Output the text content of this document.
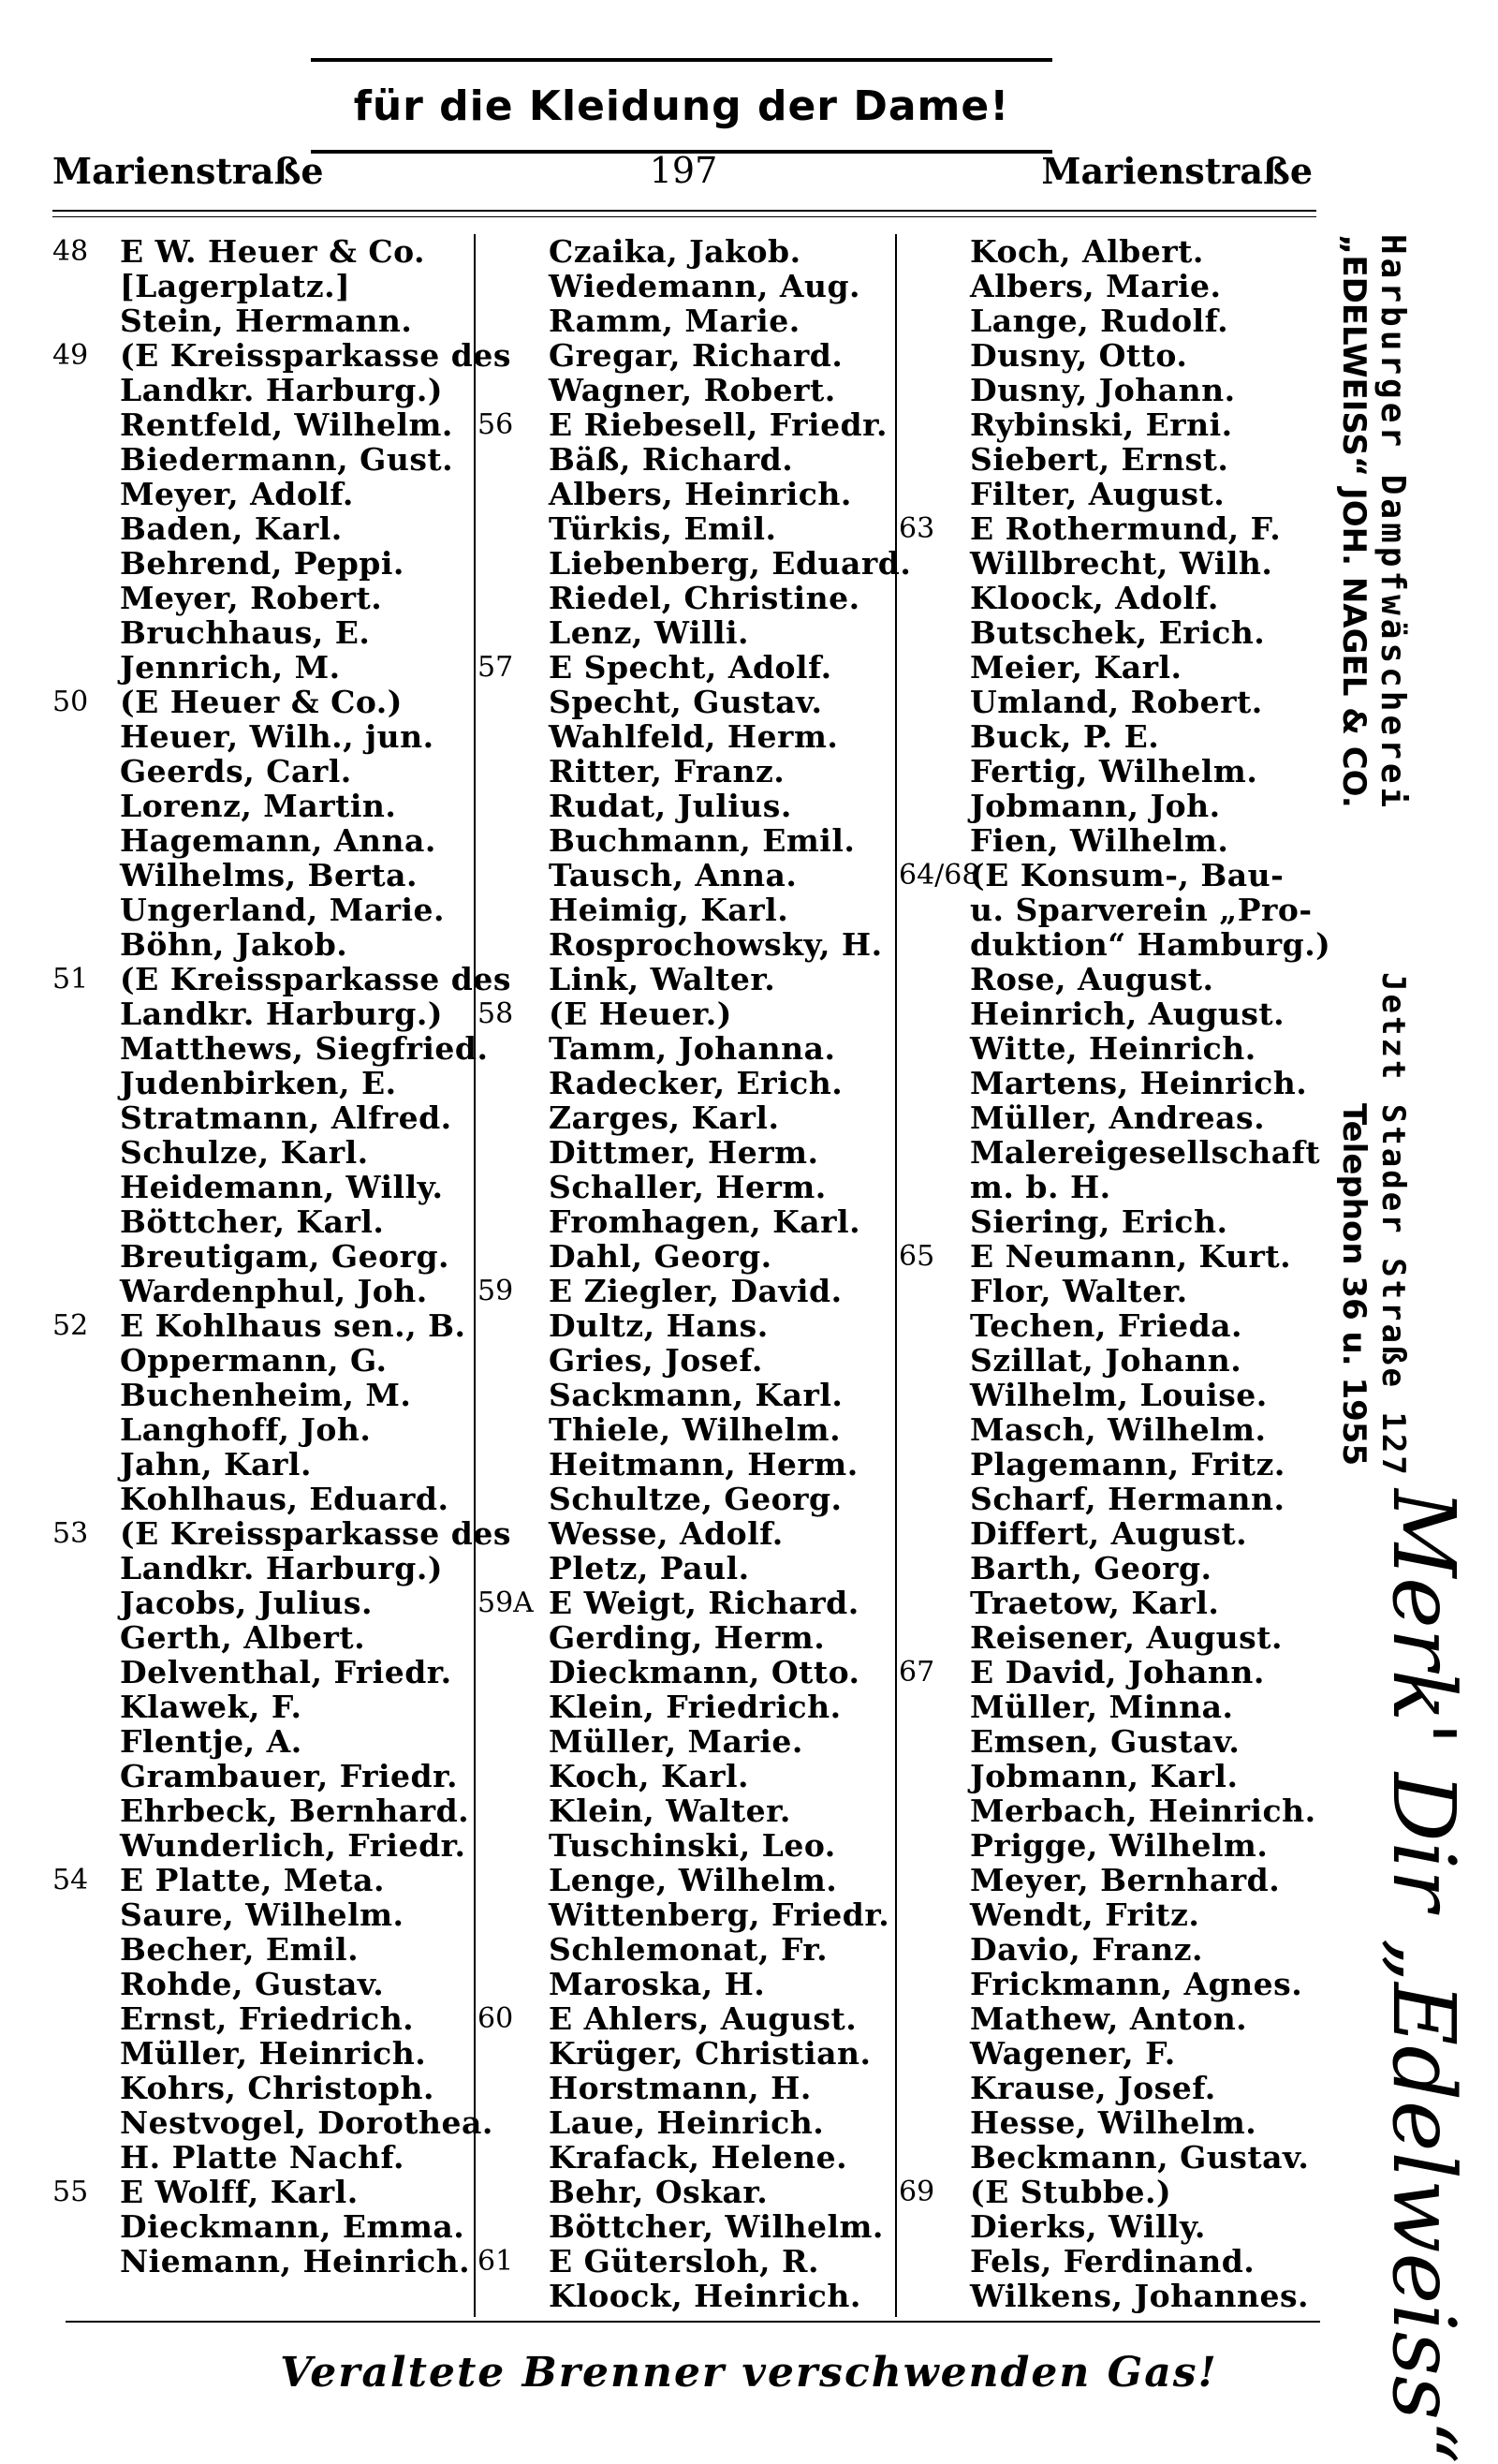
für die Kleidung der Dame!
Marienstraße	197	Marienstraße
48 E W. Heuer & Co.
[Lagerplatz.]
Stein, Hermann.
49 (E Kreissparkasse des
Landkr. Harburg.)
Rentfeld, Wilhelm.
Biedermann, Gust.
Meyer, Adolf.
Baden, Karl.
Behrend, Peppi.
Meyer, Robert.
Bruchhaus, E.
Jennrich, M.
50 (E Heuer & Co.)
Heuer, Wilh., jun.
Geerds, Carl.
Lorenz, Martin.
Hagemann, Anna.
Wilhelms, Berta.
Ungerland, Marie.
Böhn, Jakob.
51 (E Kreissparkasse des
Landkr. Harburg.)
Matthews, Siegfried.
Judenbirken, E.
Stratmann, Alfred.
Schulze, Karl.
Heidemann, Willy.
Böttcher, Karl.
Breutigam, Georg.
Wardenphul, Joh.
52 E Kohlhaus sen., B.
Oppermann, G.
Buchenheim, M.
Langhoff, Joh.
Jahn, Karl.
Kohlhaus, Eduard.
53 (E Kreissparkasse des
Landkr. Harburg.)
Jacobs, Julius.
Gerth, Albert.
Delventhal, Friedr.
Klawek, F.
Flentje, A.
Grambauer, Friedr.
Ehrbeck, Bernhard.
Wunderlich, Friedr.
54 E Platte, Meta.
Saure, Wilhelm.
Becher, Emil.
Rohde, Gustav.
Ernst, Friedrich.
Müller, Heinrich.
Kohrs, Christoph.
Nestvogel, Dorothea.
H. Platte Nachf.
55 E Wolff, Karl.
Dieckmann, Emma.
Niemann, Heinrich.
Czaika, Jakob.
Wiedemann, Aug.
Ramm, Marie.
Gregar, Richard.
Wagner, Robert.
56 E Riebesell, Friedr.
Bäß, Richard.
Albers, Heinrich.
Türkis, Emil.
Liebenberg, Eduard.
Riedel, Christine.
Lenz, Willi.
57 E Specht, Adolf.
Specht, Gustav.
Wahlfeld, Herm.
Ritter, Franz.
Rudat, Julius.
Buchmann, Emil.
Tausch, Anna.
Heimig, Karl.
Rosprochowsky, H.
Link, Walter.
58 (E Heuer.)
Tamm, Johanna.
Radecker, Erich.
Zarges, Karl.
Dittmer, Herm.
Schaller, Herm.
Fromhagen, Karl.
Dahl, Georg.
59 E Ziegler, David.
Dultz, Hans.
Gries, Josef.
Sackmann, Karl.
Thiele, Wilhelm.
Heitmann, Herm.
Schultze, Georg.
Wesse, Adolf.
Pletz, Paul.
59A E Weigt, Richard.
Gerding, Herm.
Dieckmann, Otto.
Klein, Friedrich.
Müller, Marie.
Koch, Karl.
Klein, Walter.
Tuschinski, Leo.
Lenge, Wilhelm.
Wittenberg, Friedr.
Schlemonat, Fr.
Maroska, H.
60 E Ahlers, August.
Krüger, Christian.
Horstmann, H.
Laue, Heinrich.
Krafack, Helene.
Behr, Oskar.
Böttcher, Wilhelm.
61 E Gütersloh, R.
Kloock, Heinrich.
Koch, Albert.
Albers, Marie.
Lange, Rudolf.
Dusny, Otto.
Dusny, Johann.
Rybinski, Erni.
Siebert, Ernst.
Filter, August.
63 E Rothermund, F.
Willbrecht, Wilh.
Kloock, Adolf.
Butschek, Erich.
Meier, Karl.
Umland, Robert.
Buck, P. E.
Fertig, Wilhelm.
Jobmann, Joh.
Fien, Wilhelm.
64/68
(E Konsum-, Bau-
u. Sparverein „Pro-
duktion“ Hamburg.)
Rose, August.
Heinrich, August.
Witte, Heinrich.
Martens, Heinrich.
Müller, Andreas.
Malereigesellschaft
m. b. H.
Siering, Erich.
65 E Neumann, Kurt.
Flor, Walter.
Techen, Frieda.
Szillat, Johann.
Wilhelm, Louise.
Masch, Wilhelm.
Plagemann, Fritz.
Scharf, Hermann.
Differt, August.
Barth, Georg.
Traetow, Karl.
Reisener, August.
67 E David, Johann.
Müller, Minna.
Emsen, Gustav.
Jobmann, Karl.
Merbach, Heinrich.
Prigge, Wilhelm.
Meyer, Bernhard.
Wendt, Fritz.
Davio, Franz.
Frickmann, Agnes.
Mathew, Anton.
Wagener, F.
Krause, Josef.
Hesse, Wilhelm.
Beckmann, Gustav.
69 (E Stubbe.)
Dierks, Willy.
Fels, Ferdinand.
Wilkens, Johannes.
Harburger Dampfwäscherei
„EDELWEISS“ JOH. NAGEL & CO.
Jetzt Stader Straße 127
Telephon 36 u. 1955
Merk' Dir „Edelweiss“
Veraltete Brenner verschwenden Gas!
